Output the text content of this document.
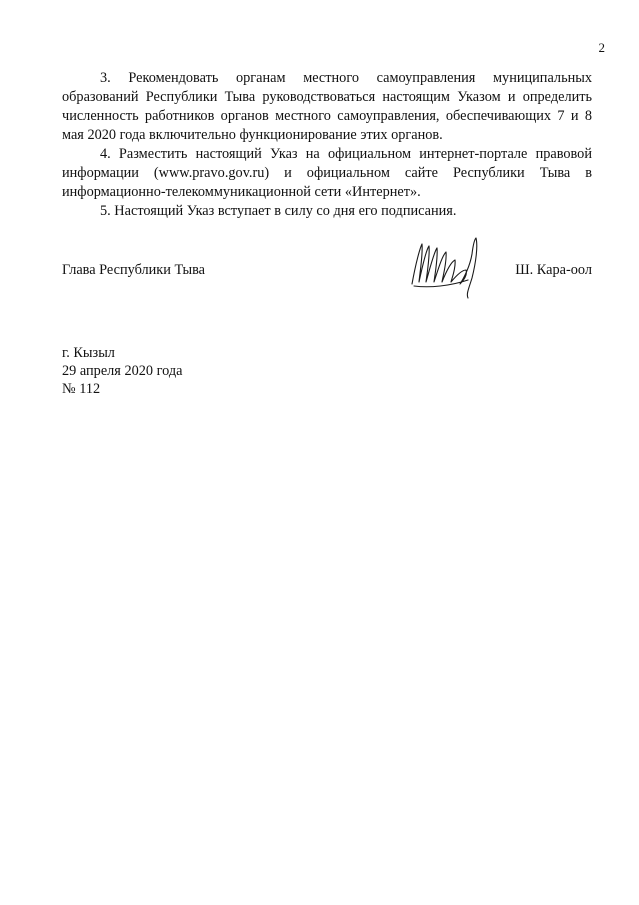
2

3. Рекомендовать органам местного самоуправления муниципальных образований Республики Тыва руководствоваться настоящим Указом и определить численность работников органов местного самоуправления, обеспечивающих 7 и 8 мая 2020 года включительно функционирование этих органов.

4. Разместить настоящий Указ на официальном интернет-портале правовой информации (www.pravo.gov.ru) и официальном сайте Республики Тыва в информационно-телекоммуникационной сети «Интернет».

5. Настоящий Указ вступает в силу со дня его подписания.

Глава Республики Тыва	Ш. Кара-оол
г. Кызыл
29 апреля 2020 года
№ 112
